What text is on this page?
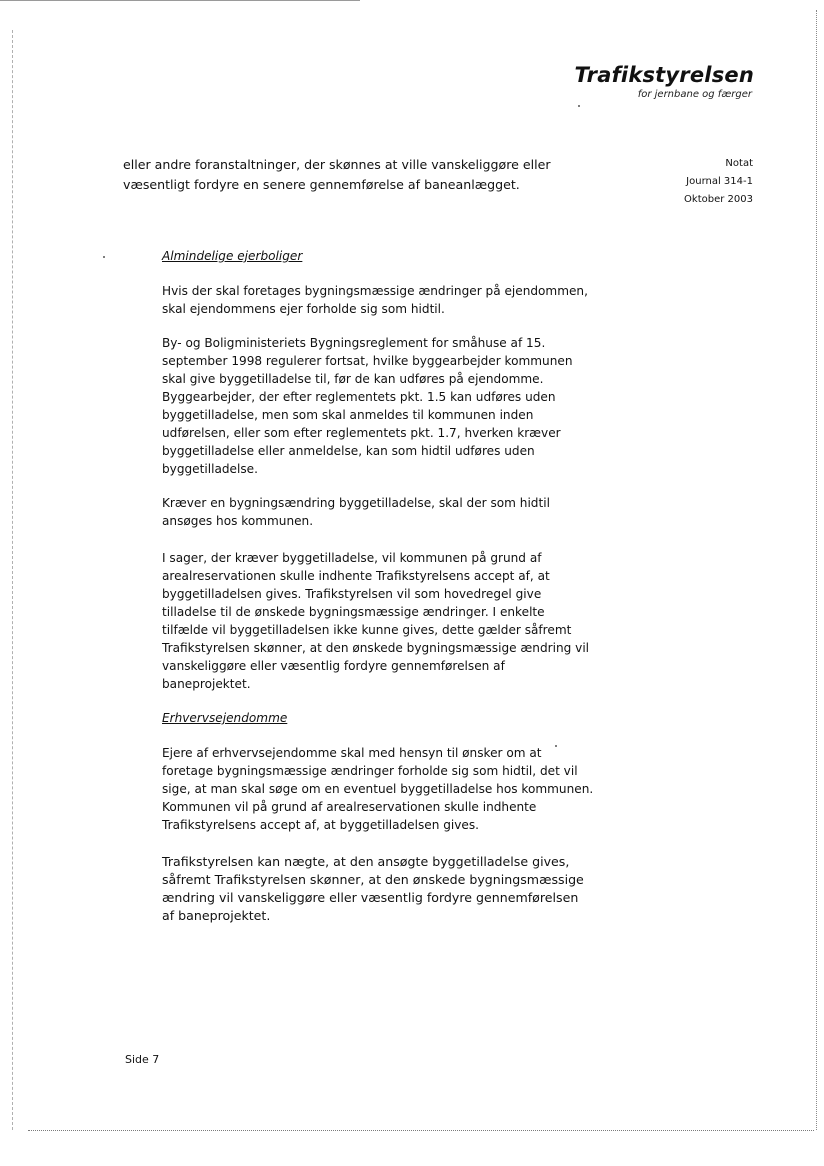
Trafikstyrelsen
for jernbane og færger
Notat
Journal 314-1
Oktober 2003
eller andre foranstaltninger, der skønnes at ville vanskeliggøre eller væsentligt fordyre en senere gennemførelse af baneanlægget.
Almindelige ejerboliger

Hvis der skal foretages bygningsmæssige ændringer på ejendommen, skal ejendommens ejer forholde sig som hidtil.

By- og Boligministeriets Bygningsreglement for småhuse af 15. september 1998 regulerer fortsat, hvilke byggearbejder kommunen skal give byggetilladelse til, før de kan udføres på ejendomme. Byggearbejder, der efter reglementets pkt. 1.5 kan udføres uden byggetilladelse, men som skal anmeldes til kommunen inden udførelsen, eller som efter reglementets pkt. 1.7, hverken kræver byggetilladelse eller anmeldelse, kan som hidtil udføres uden byggetilladelse.

Kræver en bygningsændring byggetilladelse, skal der som hidtil ansøges hos kommunen.

I sager, der kræver byggetilladelse, vil kommunen på grund af arealreservationen skulle indhente Trafikstyrelsens accept af, at byggetilladelsen gives. Trafikstyrelsen vil som hovedregel give tilladelse til de ønskede bygningsmæssige ændringer. I enkelte tilfælde vil byggetilladelsen ikke kunne gives, dette gælder såfremt Trafikstyrelsen skønner, at den ønskede bygningsmæssige ændring vil vanskeliggøre eller væsentlig fordyre gennemførelsen af baneprojektet.

Erhvervsejendomme

Ejere af erhvervsejendomme skal med hensyn til ønsker om at foretage bygningsmæssige ændringer forholde sig som hidtil, det vil sige, at man skal søge om en eventuel byggetilladelse hos kommunen. Kommunen vil på grund af arealreservationen skulle indhente Trafikstyrelsens accept af, at byggetilladelsen gives.

Trafikstyrelsen kan nægte, at den ansøgte byggetilladelse gives, såfremt Trafikstyrelsen skønner, at den ønskede bygningsmæssige ændring vil vanskeliggøre eller væsentlig fordyre gennemførelsen af baneprojektet.

Side 7
